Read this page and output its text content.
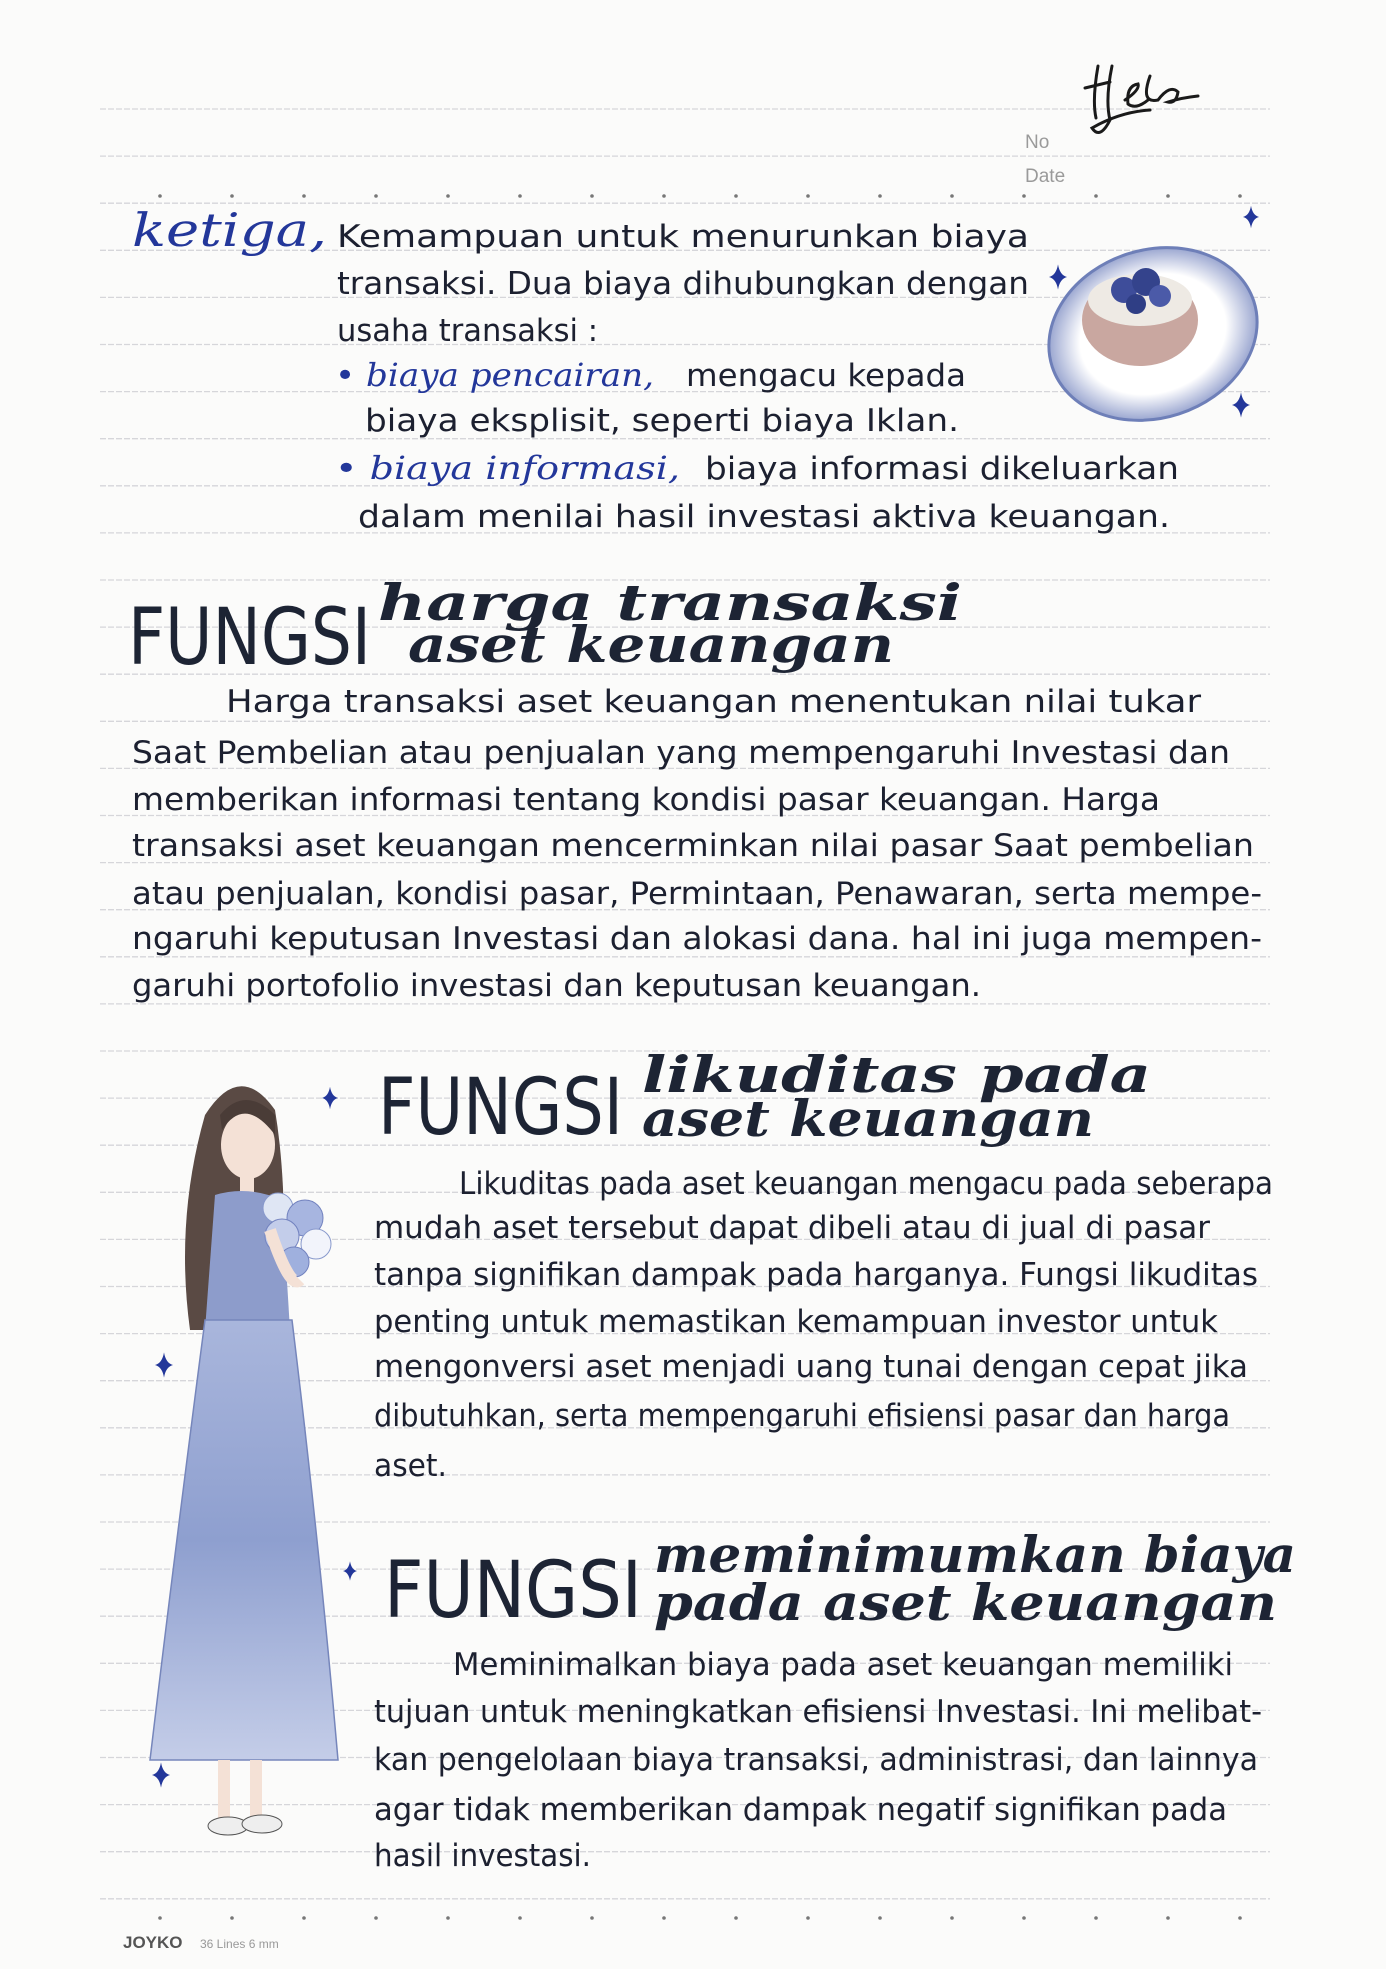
No
Date
ketiga, Kemampuan untuk menurunkan biaya
transaksi. Dua biaya dihubungkan dengan
usaha transaksi :
• biaya pencairan, mengacu kepada
biaya eksplisit, seperti biaya Iklan.
• biaya informasi, biaya informasi dikeluarkan
dalam menilai hasil investasi aktiva keuangan.
FUNGSI harga transaksi
aset keuangan
Harga transaksi aset keuangan menentukan nilai tukar
Saat Pembelian atau penjualan yang mempengaruhi Investasi dan
memberikan informasi tentang kondisi pasar keuangan. Harga
transaksi aset keuangan mencerminkan nilai pasar Saat pembelian
atau penjualan, kondisi pasar, Permintaan, Penawaran, serta mempe-
ngaruhi keputusan Investasi dan alokasi dana. hal ini juga mempen-
garuhi portofolio investasi dan keputusan keuangan.
FUNGSI likuditas pada
aset keuangan
Likuditas pada aset keuangan mengacu pada seberapa
mudah aset tersebut dapat dibeli atau di jual di pasar
tanpa signifikan dampak pada harganya. Fungsi likuditas
penting untuk memastikan kemampuan investor untuk
mengonversi aset menjadi uang tunai dengan cepat jika
dibutuhkan, serta mempengaruhi efisiensi pasar dan harga
aset.
FUNGSI meminimumkan biaya
pada aset keuangan
Meminimalkan biaya pada aset keuangan memiliki
tujuan untuk meningkatkan efisiensi Investasi. Ini melibat-
kan pengelolaan biaya transaksi, administrasi, dan lainnya
agar tidak memberikan dampak negatif signifikan pada
hasil investasi.
JOYKO 36 Lines 6 mm
